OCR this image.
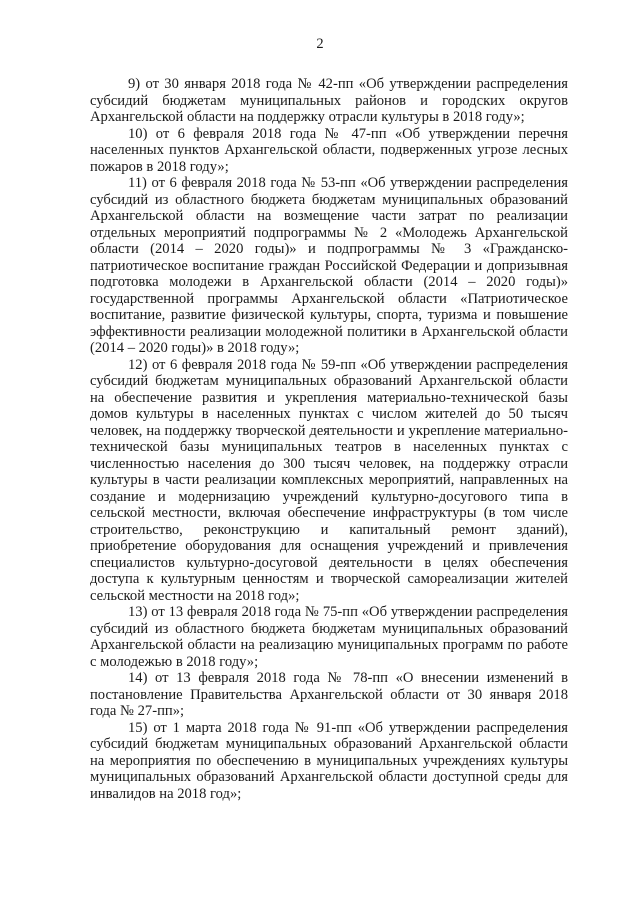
2

9) от 30 января 2018 года № 42-пп «Об утверждении распределения субсидий бюджетам муниципальных районов и городских округов Архангельской области на поддержку отрасли культуры в 2018 году»;

10) от 6 февраля 2018 года № 47-пп «Об утверждении перечня населенных пунктов Архангельской области, подверженных угрозе лесных пожаров в 2018 году»;

11) от 6 февраля 2018 года № 53-пп «Об утверждении распределения субсидий из областного бюджета бюджетам муниципальных образований Архангельской области на возмещение части затрат по реализации отдельных мероприятий подпрограммы № 2 «Молодежь Архангельской области (2014 – 2020 годы)» и подпрограммы № 3 «Гражданско-патриотическое воспитание граждан Российской Федерации и допризывная подготовка молодежи в Архангельской области (2014 – 2020 годы)» государственной программы Архангельской области «Патриотическое воспитание, развитие физической культуры, спорта, туризма и повышение эффективности реализации молодежной политики в Архангельской области (2014 – 2020 годы)» в 2018 году»;

12) от 6 февраля 2018 года № 59-пп «Об утверждении распределения субсидий бюджетам муниципальных образований Архангельской области на обеспечение развития и укрепления материально-технической базы домов культуры в населенных пунктах с числом жителей до 50 тысяч человек, на поддержку творческой деятельности и укрепление материально-технической базы муниципальных театров в населенных пунктах с численностью населения до 300 тысяч человек, на поддержку отрасли культуры в части реализации комплексных мероприятий, направленных на создание и модернизацию учреждений культурно-досугового типа в сельской местности, включая обеспечение инфраструктуры (в том числе строительство, реконструкцию и капитальный ремонт зданий), приобретение оборудования для оснащения учреждений и привлечения специалистов культурно-досуговой деятельности в целях обеспечения доступа к культурным ценностям и творческой самореализации жителей сельской местности на 2018 год»;

13) от 13 февраля 2018 года № 75-пп «Об утверждении распределения субсидий из областного бюджета бюджетам муниципальных образований Архангельской области на реализацию муниципальных программ по работе с молодежью в 2018 году»;

14) от 13 февраля 2018 года № 78-пп «О внесении изменений в постановление Правительства Архангельской области от 30 января 2018 года № 27-пп»;

15) от 1 марта 2018 года № 91-пп «Об утверждении распределения субсидий бюджетам муниципальных образований Архангельской области на мероприятия по обеспечению в муниципальных учреждениях культуры муниципальных образований Архангельской области доступной среды для инвалидов на 2018 год»;
